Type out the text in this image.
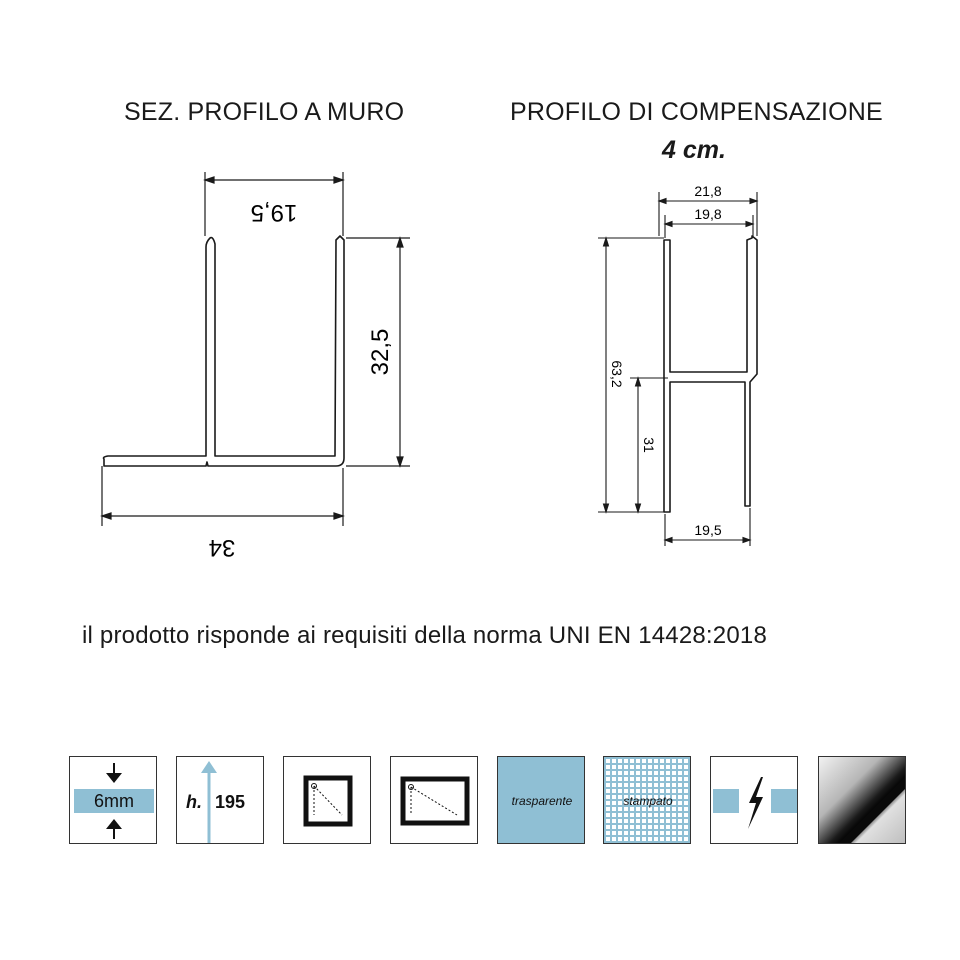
SEZ. PROFILO A MURO	PROFILO DI COMPENSAZIONE
4 cm.
19,5
32,5
34
21,8
19,8
63,2
31
19,5
il prodotto risponde ai requisiti della norma UNI EN 14428:2018
6mm	h. 195	trasparente	stampato
